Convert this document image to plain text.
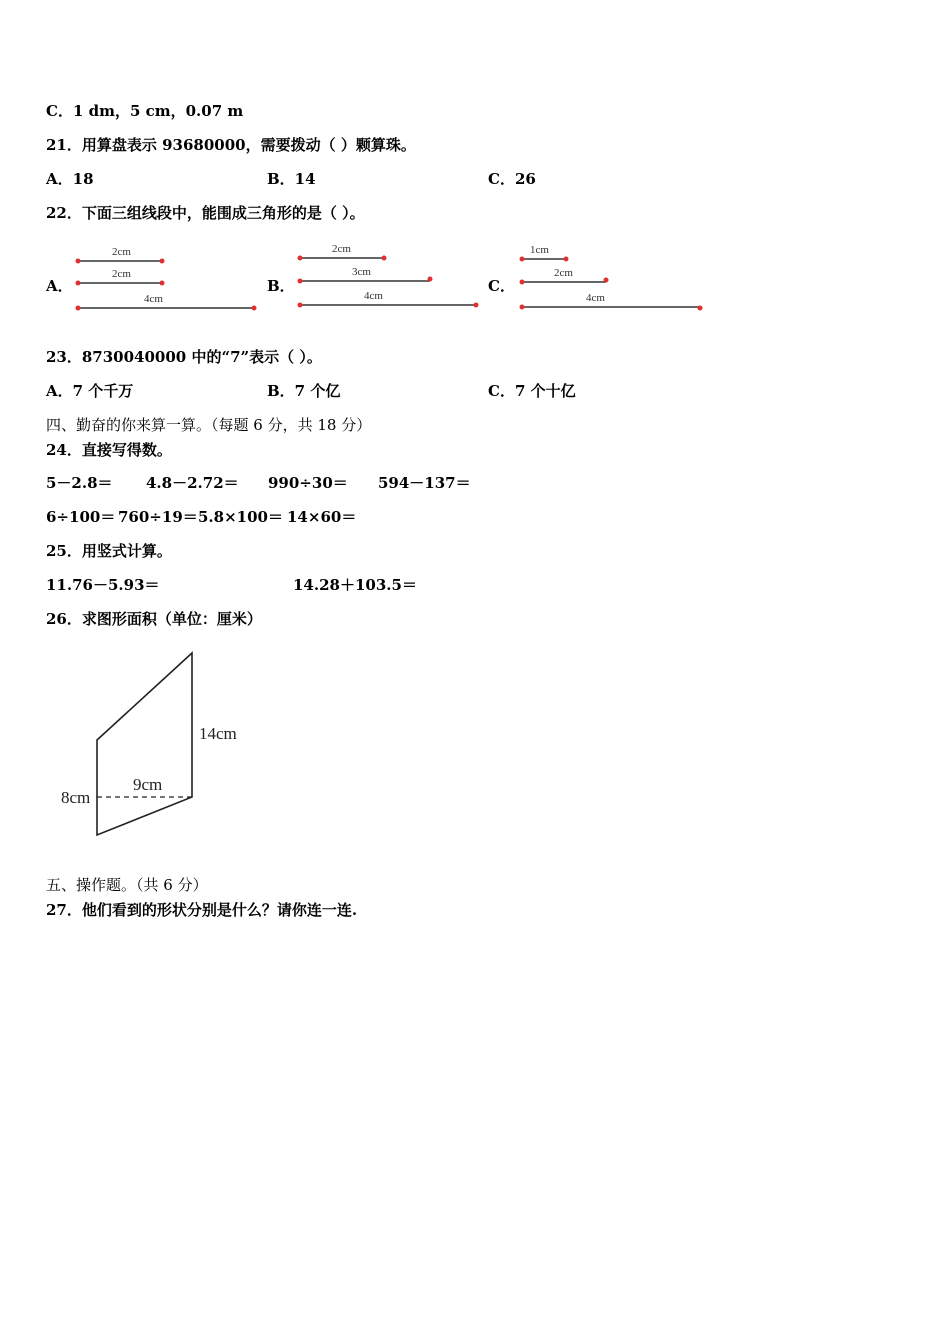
C．1 dm，5 cm，0.07 m
21．用算盘表示 93680000，需要拨动（ ）颗算珠。
A．18	B．14	C．26
22．下面三组线段中，能围成三角形的是（ ）。
A．
2cm
2cm
4cm
B．
2cm
3cm
4cm
C．
1cm
2cm
4cm
23．8730040000 中的“7”表示（ ）。
A．7 个千万	B．7 个亿	C．7 个十亿
四、勤奋的你来算一算。（每题 6 分，共 18 分）
24．直接写得数。
5－2.8＝ 4.8－2.72＝ 990÷30＝ 594－137＝
6÷100＝ 760÷19＝ 5.8×100＝ 14×60＝
25．用竖式计算。
11.76－5.93＝	14.28＋103.5＝
26．求图形面积（单位：厘米）
14cm
8cm
9cm
五、操作题。（共 6 分）
27．他们看到的形状分别是什么？请你连一连.
